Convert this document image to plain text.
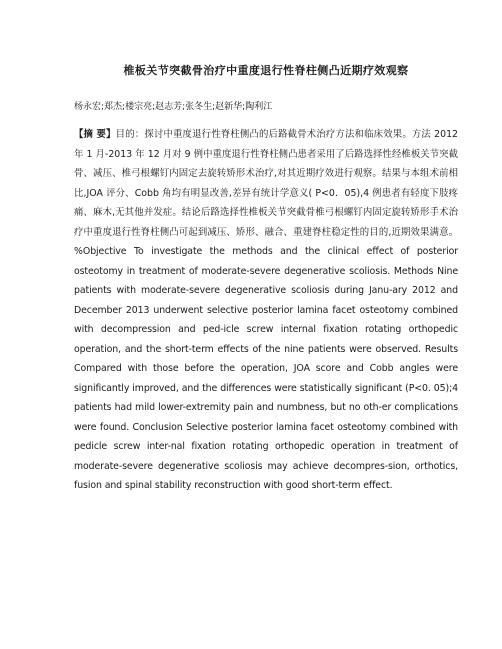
椎板关节突截骨治疗中重度退行性脊柱侧凸近期疗效观察
杨永宏;郑杰;楼宗亮;赵志芳;张冬生;赵新华;陶利江

【摘 要】目的：探讨中重度退行性脊柱侧凸的后路截骨术治疗方法和临床效果。方法 2012 年 1 月-2013 年 12 月对 9 例中重度退行性脊柱侧凸患者采用了后路选择性经椎板关节突截骨、减压、椎弓根螺钉内固定去旋转矫形术治疗,对其近期疗效进行观察。结果与本组术前相比,JOA 评分、Cobb 角均有明显改善,差异有统计学意义( P<0．05),4 例患者有轻度下肢疼痛、麻木,无其他并发症。结论后路选择性椎板关节突截骨椎弓根螺钉内固定旋转矫形手术治疗中重度退行性脊柱侧凸可起到减压、矫形、融合、重建脊柱稳定性的目的,近期效果满意。%Objective To investigate the methods and the clinical effect of posterior osteotomy in treatment of moderate-severe degenerative scoliosis. Methods Nine patients with moderate-severe degenerative scoliosis during Janu-ary 2012 and December 2013 underwent selective posterior lamina facet osteotomy combined with decompression and ped-icle screw internal fixation rotating orthopedic operation, and the short-term effects of the nine patients were observed. Results Compared with those before the operation, JOA score and Cobb angles were significantly improved, and the differences were statistically significant (P<0. 05);4 patients had mild lower-extremity pain and numbness, but no oth-er complications were found. Conclusion Selective posterior lamina facet osteotomy combined with pedicle screw inter-nal fixation rotating orthopedic operation in treatment of moderate-severe degenerative scoliosis may achieve decompres-sion, orthotics, fusion and spinal stability reconstruction with good short-term effect.
